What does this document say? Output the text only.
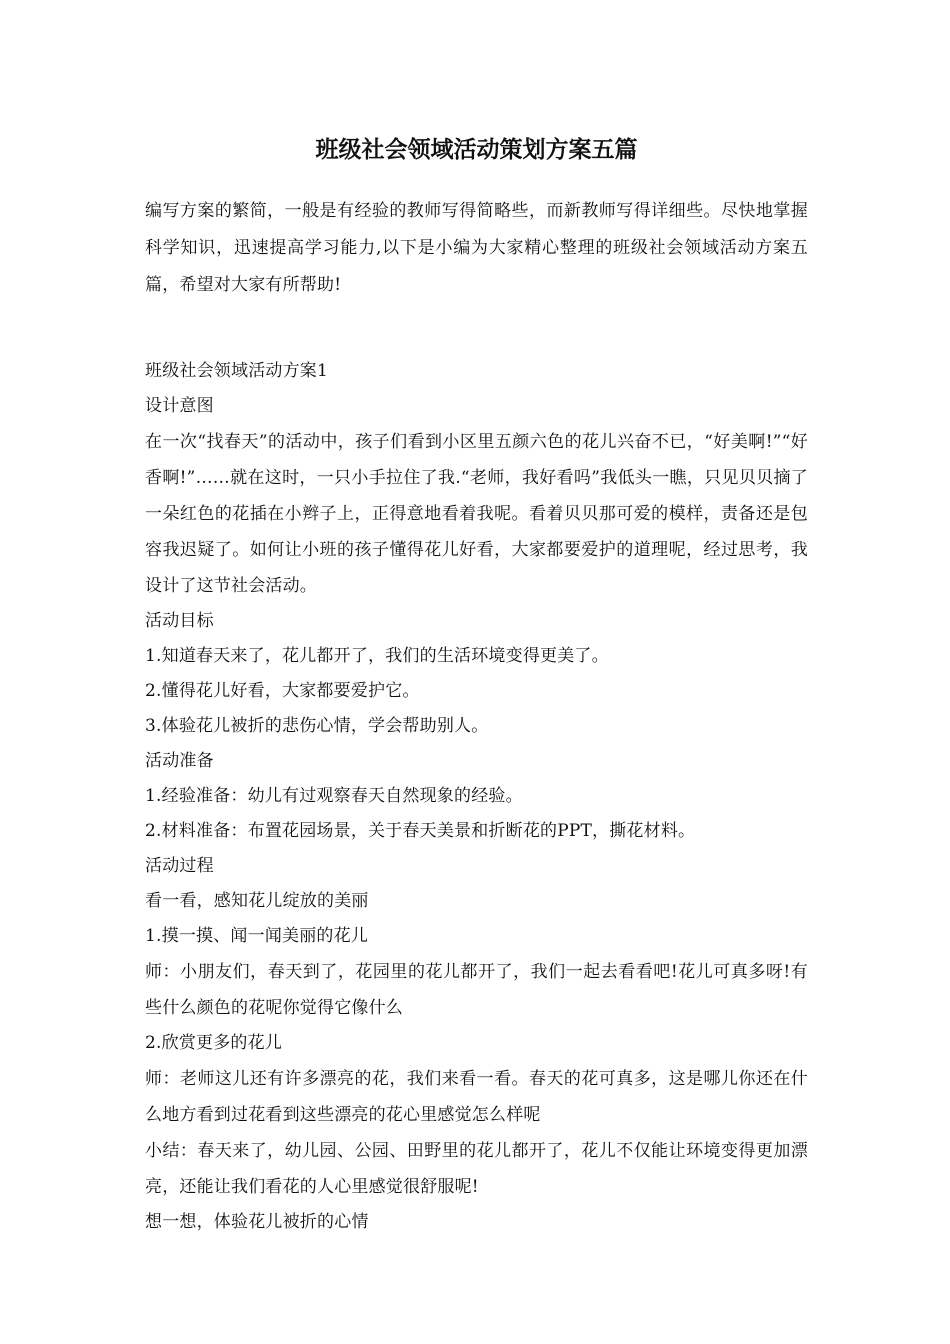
班级社会领域活动策划方案五篇

编写方案的繁简，一般是有经验的教师写得简略些，而新教师写得详细些。尽快地掌握科学知识，迅速提高学习能力,以下是小编为大家精心整理的班级社会领域活动方案五篇，希望对大家有所帮助!

班级社会领域活动方案1

设计意图

在一次“找春天”的活动中，孩子们看到小区里五颜六色的花儿兴奋不已，“好美啊!”“好香啊!”……就在这时，一只小手拉住了我.“老师，我好看吗”我低头一瞧，只见贝贝摘了一朵红色的花插在小辫子上，正得意地看着我呢。看着贝贝那可爱的模样，责备还是包容我迟疑了。如何让小班的孩子懂得花儿好看，大家都要爱护的道理呢，经过思考，我设计了这节社会活动。

活动目标

1.知道春天来了，花儿都开了，我们的生活环境变得更美了。

2.懂得花儿好看，大家都要爱护它。

3.体验花儿被折的悲伤心情，学会帮助别人。

活动准备

1.经验准备：幼儿有过观察春天自然现象的经验。

2.材料准备：布置花园场景，关于春天美景和折断花的PPT，撕花材料。

活动过程

看一看，感知花儿绽放的美丽

1.摸一摸、闻一闻美丽的花儿

师：小朋友们，春天到了，花园里的花儿都开了，我们一起去看看吧!花儿可真多呀!有些什么颜色的花呢你觉得它像什么

2.欣赏更多的花儿

师：老师这儿还有许多漂亮的花，我们来看一看。春天的花可真多，这是哪儿你还在什么地方看到过花看到这些漂亮的花心里感觉怎么样呢

小结：春天来了，幼儿园、公园、田野里的花儿都开了，花儿不仅能让环境变得更加漂亮，还能让我们看花的人心里感觉很舒服呢!

想一想，体验花儿被折的心情
